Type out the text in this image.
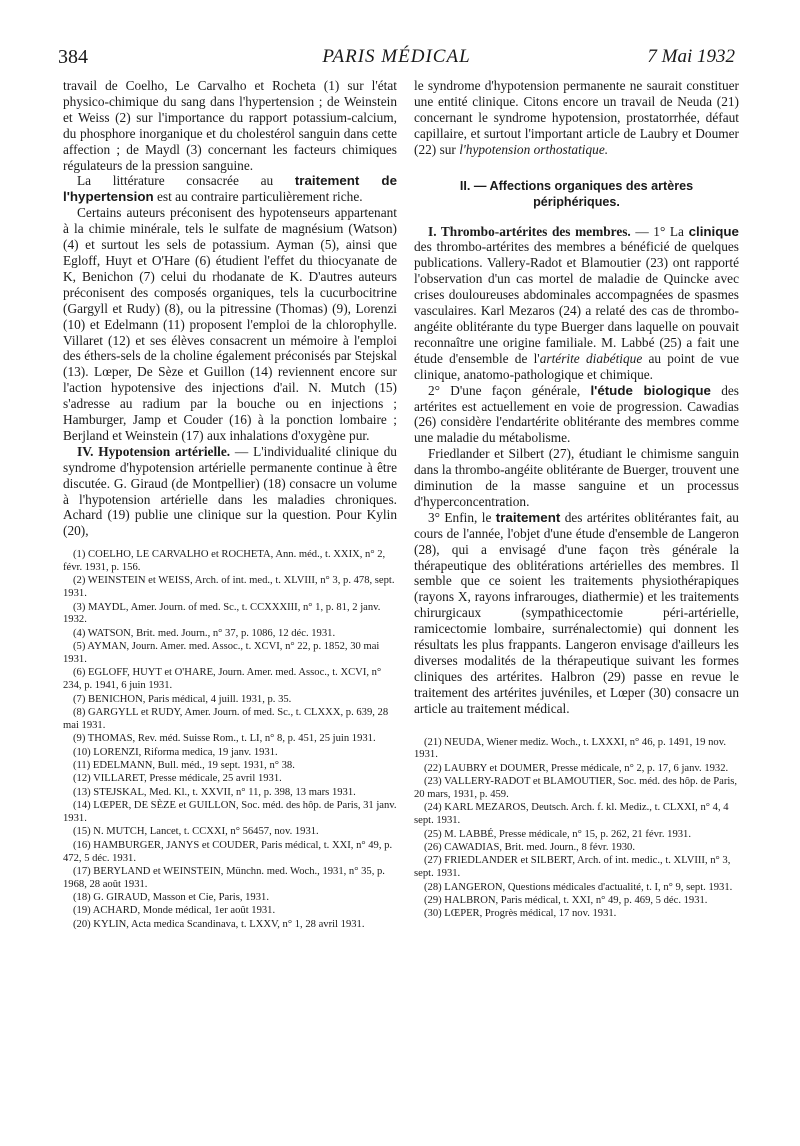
384	PARIS MÉDICAL	7 Mai 1932

travail de Coelho, Le Carvalho et Rocheta (1) sur l'état physico-chimique du sang dans l'hypertension ; de Weinstein et Weiss (2) sur l'importance du rapport potassium-calcium, du phosphore inorganique et du cholestérol sanguin dans cette affection ; de Maydl (3) concernant les facteurs chimiques régulateurs de la pression sanguine.

La littérature consacrée au traitement de l'hypertension est au contraire particulièrement riche.

Certains auteurs préconisent des hypotenseurs appartenant à la chimie minérale, tels le sulfate de magnésium (Watson) (4) et surtout les sels de potassium. Ayman (5), ainsi que Egloff, Huyt et O'Hare (6) étudient l'effet du thiocyanate de K, Benichon (7) celui du rhodanate de K. D'autres auteurs préconisent des composés organiques, tels la cucurbocitrine (Gargyll et Rudy) (8), ou la pitressine (Thomas) (9), Lorenzi (10) et Edelmann (11) proposent l'emploi de la chlorophylle. Villaret (12) et ses élèves consacrent un mémoire à l'emploi des éthers-sels de la choline également préconisés par Stejskal (13). Lœper, De Sèze et Guillon (14) reviennent encore sur l'action hypotensive des injections d'ail. N. Mutch (15) s'adresse au radium par la bouche ou en injections ; Hamburger, Jamp et Couder (16) à la ponction lombaire ; Berjland et Weinstein (17) aux inhalations d'oxygène pur.

IV. Hypotension artérielle. — L'individualité clinique du syndrome d'hypotension artérielle permanente continue à être discutée. G. Giraud (de Montpellier) (18) consacre un volume à l'hypotension artérielle dans les maladies chroniques. Achard (19) publie une clinique sur la question. Pour Kylin (20),

(1) COELHO, LE CARVALHO et ROCHETA, Ann. méd., t. XXIX, n° 2, févr. 1931, p. 156.

(2) WEINSTEIN et WEISS, Arch. of int. med., t. XLVIII, n° 3, p. 478, sept. 1931.

(3) MAYDL, Amer. Journ. of med. Sc., t. CCXXXIII, n° 1, p. 81, 2 janv. 1932.

(4) WATSON, Brit. med. Journ., n° 37, p. 1086, 12 déc. 1931.

(5) AYMAN, Journ. Amer. med. Assoc., t. XCVI, n° 22, p. 1852, 30 mai 1931.

(6) EGLOFF, HUYT et O'HARE, Journ. Amer. med. Assoc., t. XCVI, n° 234, p. 1941, 6 juin 1931.

(7) BENICHON, Paris médical, 4 juill. 1931, p. 35.

(8) GARGYLL et RUDY, Amer. Journ. of med. Sc., t. CLXXX, p. 639, 28 mai 1931.

(9) THOMAS, Rev. méd. Suisse Rom., t. LI, n° 8, p. 451, 25 juin 1931.

(10) LORENZI, Riforma medica, 19 janv. 1931.

(11) EDELMANN, Bull. méd., 19 sept. 1931, n° 38.

(12) VILLARET, Presse médicale, 25 avril 1931.

(13) STEJSKAL, Med. Kl., t. XXVII, n° 11, p. 398, 13 mars 1931.

(14) LŒPER, DE SÈZE et GUILLON, Soc. méd. des hôp. de Paris, 31 janv. 1931.

(15) N. MUTCH, Lancet, t. CCXXI, n° 56457, nov. 1931.

(16) HAMBURGER, JANYS et COUDER, Paris médical, t. XXI, n° 49, p. 472, 5 déc. 1931.

(17) BERYLAND et WEINSTEIN, Münchn. med. Woch., 1931, n° 35, p. 1968, 28 août 1931.

(18) G. GIRAUD, Masson et Cie, Paris, 1931.

(19) ACHARD, Monde médical, 1er août 1931.

(20) KYLIN, Acta medica Scandinava, t. LXXV, n° 1, 28 avril 1931.

le syndrome d'hypotension permanente ne saurait constituer une entité clinique. Citons encore un travail de Neuda (21) concernant le syndrome hypotension, prostatorrhée, défaut capillaire, et surtout l'important article de Laubry et Doumer (22) sur l'hypotension orthostatique.

II. — Affections organiques des artères périphériques.

I. Thrombo-artérites des membres. — 1° La clinique des thrombo-artérites des membres a bénéficié de quelques publications. Vallery-Radot et Blamoutier (23) ont rapporté l'observation d'un cas mortel de maladie de Quincke avec crises douloureuses abdominales accompagnées de spasmes vasculaires. Karl Mezaros (24) a relaté des cas de thrombo-angéite oblitérante du type Buerger dans laquelle on pouvait reconnaître une origine familiale. M. Labbé (25) a fait une étude d'ensemble de l'artérite diabétique au point de vue clinique, anatomo-pathologique et chimique.

2° D'une façon générale, l'étude biologique des artérites est actuellement en voie de progression. Cawadias (26) considère l'endartérite oblitérante des membres comme une maladie du métabolisme.

Friedlander et Silbert (27), étudiant le chimisme sanguin dans la thrombo-angéite oblitérante de Buerger, trouvent une diminution de la masse sanguine et un processus d'hyperconcentration.

3° Enfin, le traitement des artérites oblitérantes fait, au cours de l'année, l'objet d'une étude d'ensemble de Langeron (28), qui a envisagé d'une façon très générale la thérapeutique des oblitérations artérielles des membres. Il semble que ce soient les traitements physiothérapiques (rayons X, rayons infrarouges, diathermie) et les traitements chirurgicaux (sympathicectomie péri-artérielle, ramicectomie lombaire, surrénalectomie) qui donnent les résultats les plus frappants. Langeron envisage d'ailleurs les diverses modalités de la thérapeutique suivant les formes cliniques des artérites. Halbron (29) passe en revue le traitement des artérites juvéniles, et Lœper (30) consacre un article au traitement médical.

(21) NEUDA, Wiener mediz. Woch., t. LXXXI, n° 46, p. 1491, 19 nov. 1931.

(22) LAUBRY et DOUMER, Presse médicale, n° 2, p. 17, 6 janv. 1932.

(23) VALLERY-RADOT et BLAMOUTIER, Soc. méd. des hôp. de Paris, 20 mars, 1931, p. 459.

(24) KARL MEZAROS, Deutsch. Arch. f. kl. Mediz., t. CLXXI, n° 4, 4 sept. 1931.

(25) M. LABBÉ, Presse médicale, n° 15, p. 262, 21 févr. 1931.

(26) CAWADIAS, Brit. med. Journ., 8 févr. 1930.

(27) FRIEDLANDER et SILBERT, Arch. of int. medic., t. XLVIII, n° 3, sept. 1931.

(28) LANGERON, Questions médicales d'actualité, t. I, n° 9, sept. 1931.

(29) HALBRON, Paris médical, t. XXI, n° 49, p. 469, 5 déc. 1931.

(30) LŒPER, Progrès médical, 17 nov. 1931.
